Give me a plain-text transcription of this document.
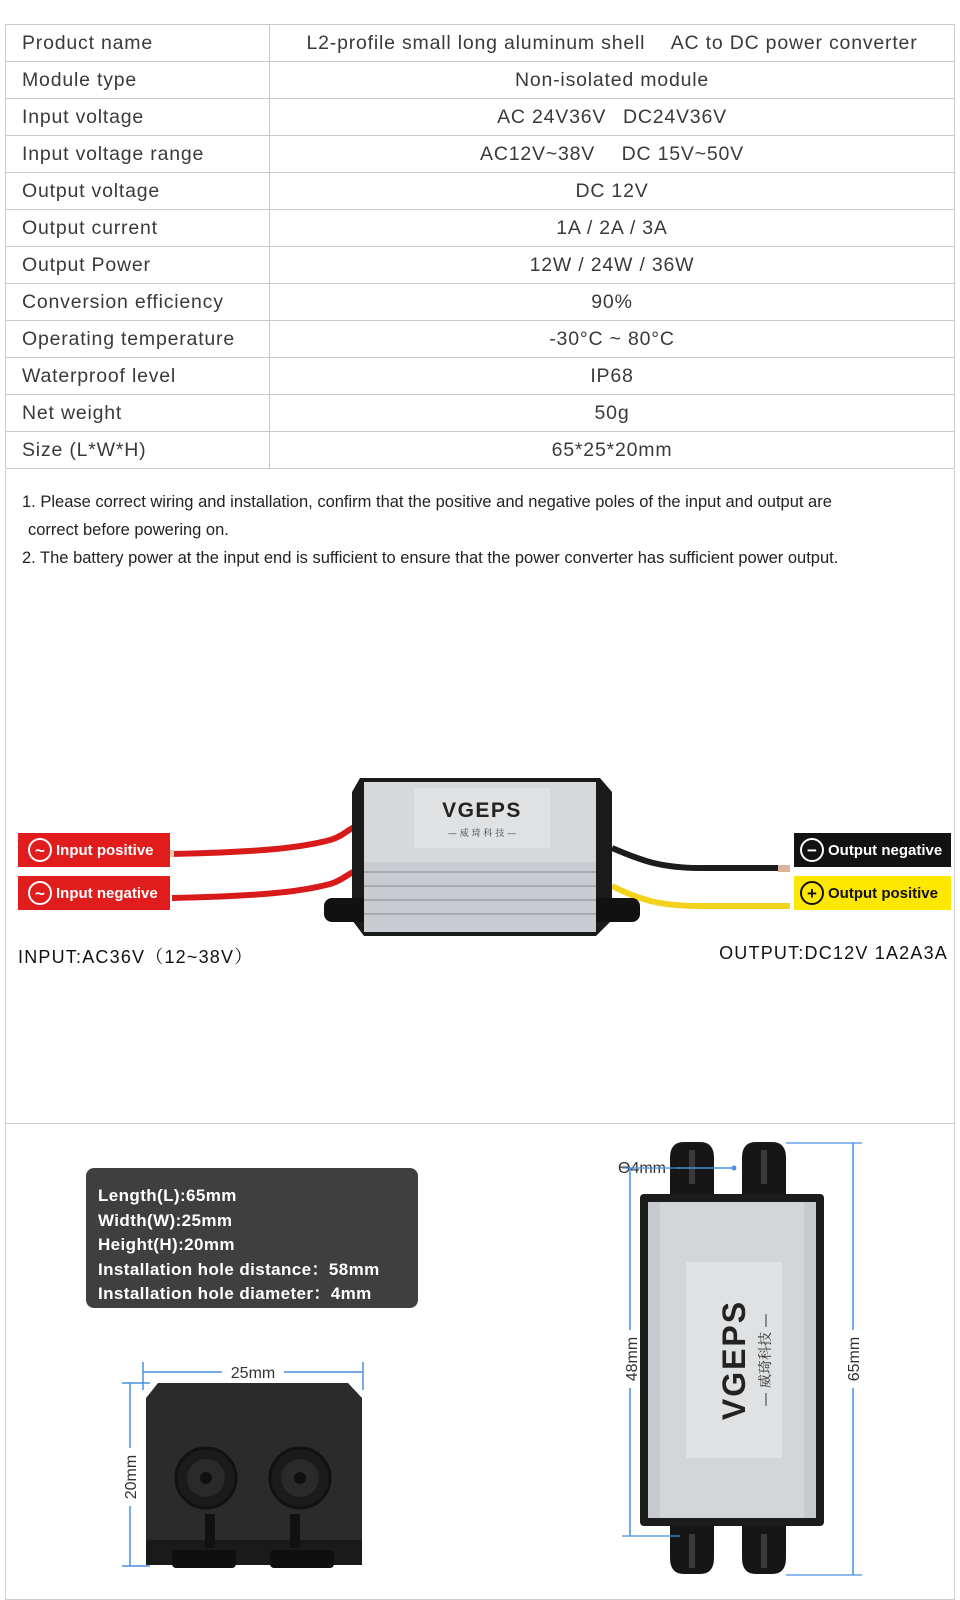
Product name	L2-profile small long aluminum shell  AC to DC power converter
Module type	Non-isolated module
Input voltage	AC 24V36V  DC24V36V
Input voltage range	AC12V~38V  DC 15V~50V
Output voltage	DC 12V
Output current	1A / 2A / 3A
Output Power	12W / 24W / 36W
Conversion efficiency	90%
Operating temperature	-30°C ~ 80°C
Waterproof level	IP68
Net weight	50g
Size (L*W*H)	65*25*20mm

1. Please correct wiring and installation, confirm that the positive and negative poles of the input and output are

correct before powering on.

2. The battery power at the input end is sufficient to ensure that the power converter has sufficient power output.

VGEPS
— 威 琦 科 技 —
~ Input positive
~ Input negative
− Output negative
+ Output positive
INPUT:AC36V（12~38V）	OUTPUT:DC12V 1A2A3A
Length(L):65mm
Width(W):25mm
Height(H):20mm
Installation hole distance：58mm
Installation hole diameter：4mm
25mm
20mm
VGEPS — 威琦科技 —
ϴ4mm
48mm	65mm
